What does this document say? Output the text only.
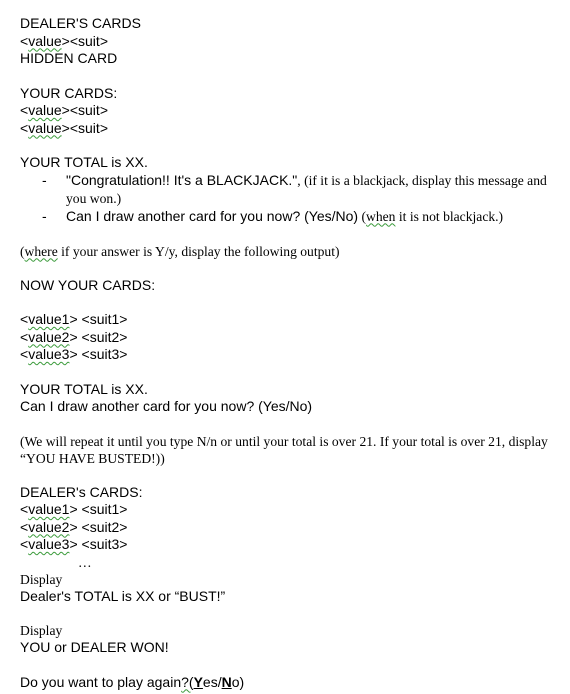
DEALER'S CARDS
<value><suit>
HIDDEN CARD
YOUR CARDS:
<value><suit>
<value><suit>
YOUR TOTAL is XX.
-	"Congratulation!! It's a BLACKJACK.", (if it is a blackjack, display this message and you won.)
-	Can I draw another card for you now? (Yes/No) (when it is not blackjack.)
(where if your answer is Y/y, display the following output)
NOW YOUR CARDS:
<value1> <suit1>
<value2> <suit2>
<value3> <suit3>
YOUR TOTAL is XX.
Can I draw another card for you now? (Yes/No)
(We will repeat it until you type N/n or until your total is over 21. If your total is over 21, display “YOU HAVE BUSTED!))
DEALER's CARDS:
<value1> <suit1>
<value2> <suit2>
<value3> <suit3>
…
Display
Dealer's TOTAL is XX or “BUST!”
Display
YOU or DEALER WON!
Do you want to play again?(Yes/No)
